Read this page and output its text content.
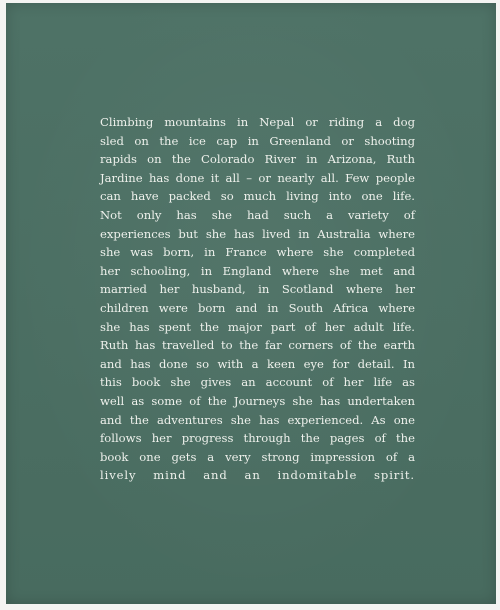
Climbing mountains in Nepal or riding a dog
sled on the ice cap in Greenland or shooting
rapids on the Colorado River in Arizona, Ruth
Jardine has done it all – or nearly all. Few people
can have packed so much living into one life.
Not only has she had such a variety of
experiences but she has lived in Australia where
she was born, in France where she completed
her schooling, in England where she met and
married her husband, in Scotland where her
children were born and in South Africa where
she has spent the major part of her adult life.
Ruth has travelled to the far corners of the earth
and has done so with a keen eye for detail. In
this book she gives an account of her life as
well as some of the Journeys she has undertaken
and the adventures she has experienced. As one
follows her progress through the pages of the
book one gets a very strong impression of a
lively mind and an indomitable spirit.
